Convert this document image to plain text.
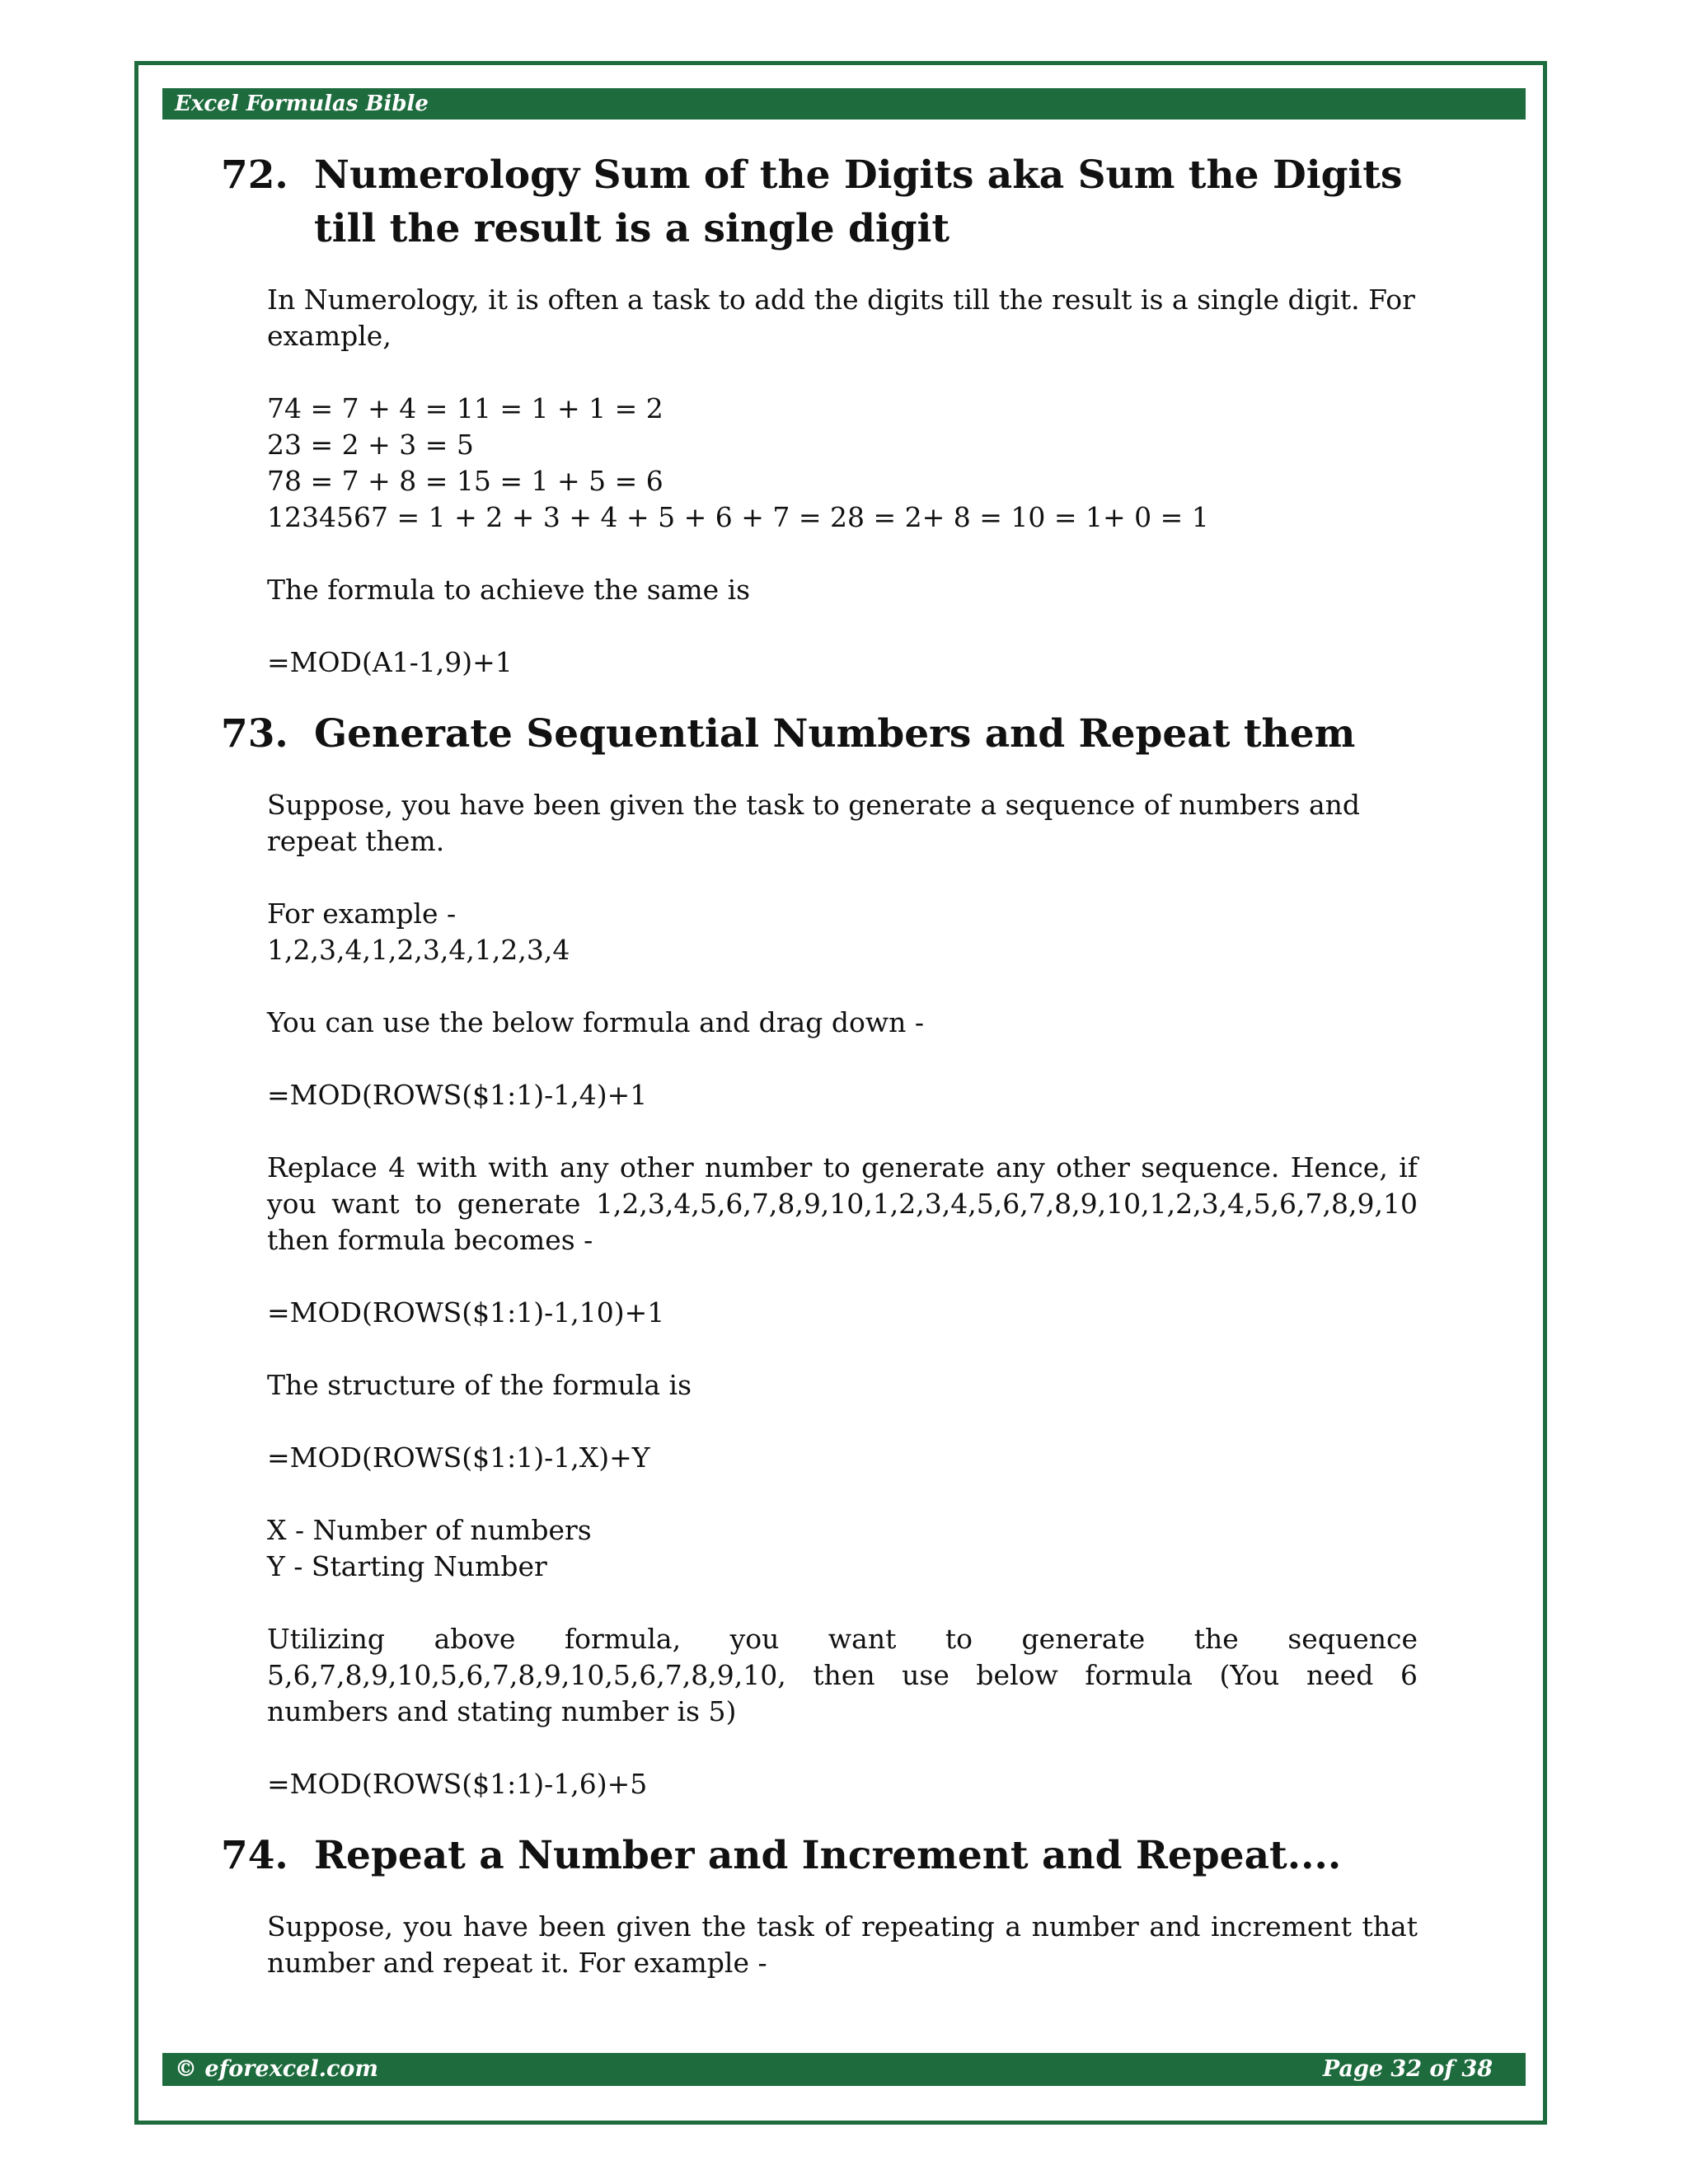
Excel Formulas Bible
72. Numerology Sum of the Digits aka Sum the Digits till the result is a single digit

In Numerology, it is often a task to add the digits till the result is a single digit. For example,

74 = 7 + 4 = 11 = 1 + 1 = 2
23 = 2 + 3 = 5
78 = 7 + 8 = 15 = 1 + 5 = 6
1234567 = 1 + 2 + 3 + 4 + 5 + 6 + 7 = 28 = 2+ 8 = 10 = 1+ 0 = 1

The formula to achieve the same is

=MOD(A1-1,9)+1

73. Generate Sequential Numbers and Repeat them

Suppose, you have been given the task to generate a sequence of numbers and repeat them.

For example -
1,2,3,4,1,2,3,4,1,2,3,4

You can use the below formula and drag down -

=MOD(ROWS($1:1)-1,4)+1

Replace 4 with with any other number to generate any other sequence. Hence, if you want to generate 1,2,3,4,5,6,7,8,9,10,1,2,3,4,5,6,7,8,9,10,1,2,3,4,5,6,7,8,9,10 then formula becomes -

=MOD(ROWS($1:1)-1,10)+1

The structure of the formula is

=MOD(ROWS($1:1)-1,X)+Y

X - Number of numbers
Y - Starting Number

Utilizing above formula, you want to generate the sequence 5,6,7,8,9,10,5,6,7,8,9,10,5,6,7,8,9,10, then use below formula (You need 6 numbers and stating number is 5)

=MOD(ROWS($1:1)-1,6)+5

74. Repeat a Number and Increment and Repeat....

Suppose, you have been given the task of repeating a number and increment that number and repeat it. For example -

© eforexcel.com	Page 32 of 38
